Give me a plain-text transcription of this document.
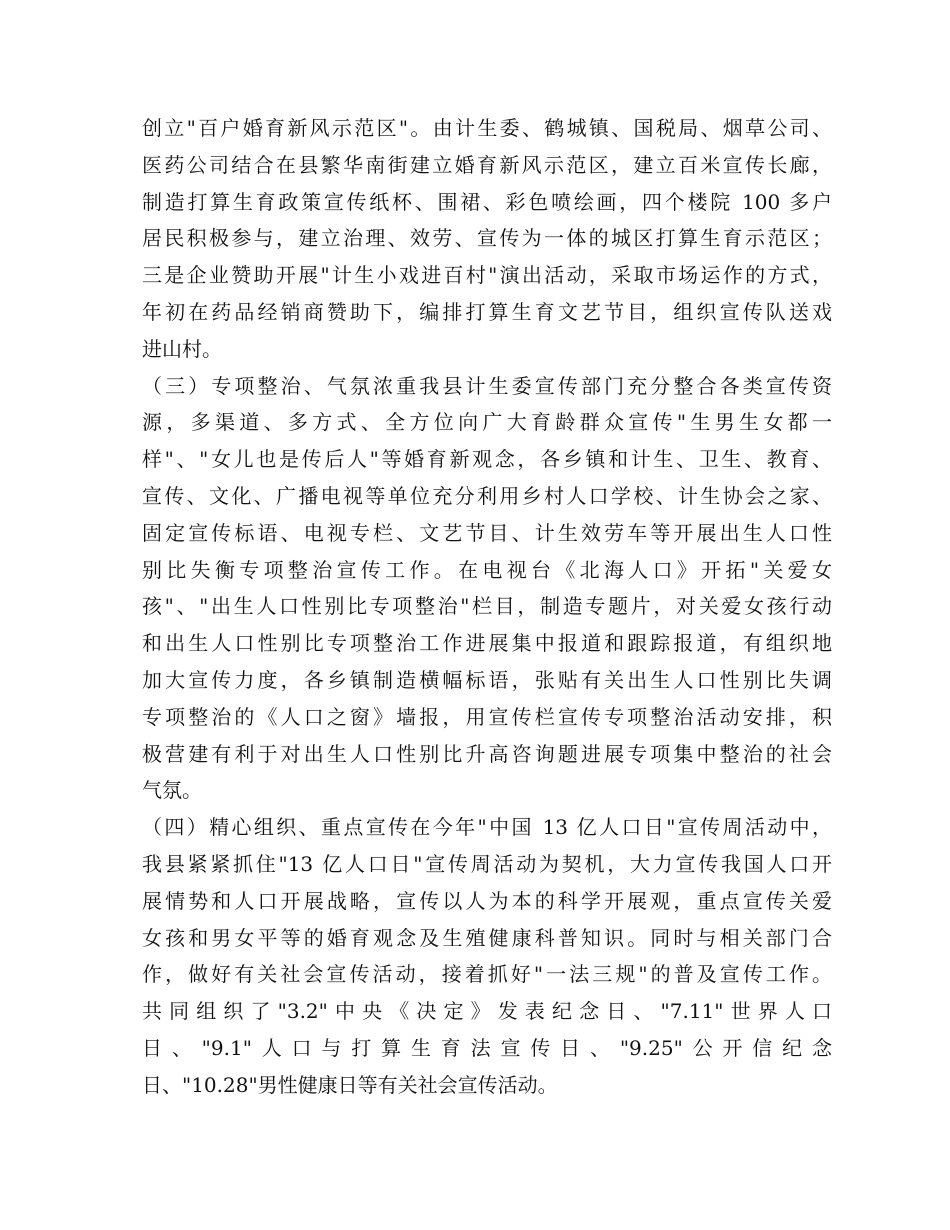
创立"百户婚育新风示范区"。由计生委、鹤城镇、国税局、烟草公司、
医药公司结合在县繁华南街建立婚育新风示范区，建立百米宣传长廊，
制造打算生育政策宣传纸杯、围裙、彩色喷绘画，四个楼院 100 多户
居民积极参与，建立治理、效劳、宣传为一体的城区打算生育示范区；
三是企业赞助开展"计生小戏进百村"演出活动，采取市场运作的方式，
年初在药品经销商赞助下，编排打算生育文艺节目，组织宣传队送戏
进山村。
（三）专项整治、气氛浓重我县计生委宣传部门充分整合各类宣传资
源，多渠道、多方式、全方位向广大育龄群众宣传"生男生女都一
样"、"女儿也是传后人"等婚育新观念，各乡镇和计生、卫生、教育、
宣传、文化、广播电视等单位充分利用乡村人口学校、计生协会之家、
固定宣传标语、电视专栏、文艺节目、计生效劳车等开展出生人口性
别比失衡专项整治宣传工作。在电视台《北海人口》开拓"关爱女
孩"、"出生人口性别比专项整治"栏目，制造专题片，对关爱女孩行动
和出生人口性别比专项整治工作进展集中报道和跟踪报道，有组织地
加大宣传力度，各乡镇制造横幅标语，张贴有关出生人口性别比失调
专项整治的《人口之窗》墙报，用宣传栏宣传专项整治活动安排，积
极营建有利于对出生人口性别比升高咨询题进展专项集中整治的社会
气氛。
（四）精心组织、重点宣传在今年"中国 13 亿人口日"宣传周活动中，
我县紧紧抓住"13 亿人口日"宣传周活动为契机，大力宣传我国人口开
展情势和人口开展战略，宣传以人为本的科学开展观，重点宣传关爱
女孩和男女平等的婚育观念及生殖健康科普知识。同时与相关部门合
作，做好有关社会宣传活动，接着抓好"一法三规"的普及宣传工作。
共同组织了"3.2"中央《决定》发表纪念日、"7.11"世界人口
日、"9.1"人口与打算生育法宣传日、"9.25"公开信纪念
日、"10.28"男性健康日等有关社会宣传活动。
